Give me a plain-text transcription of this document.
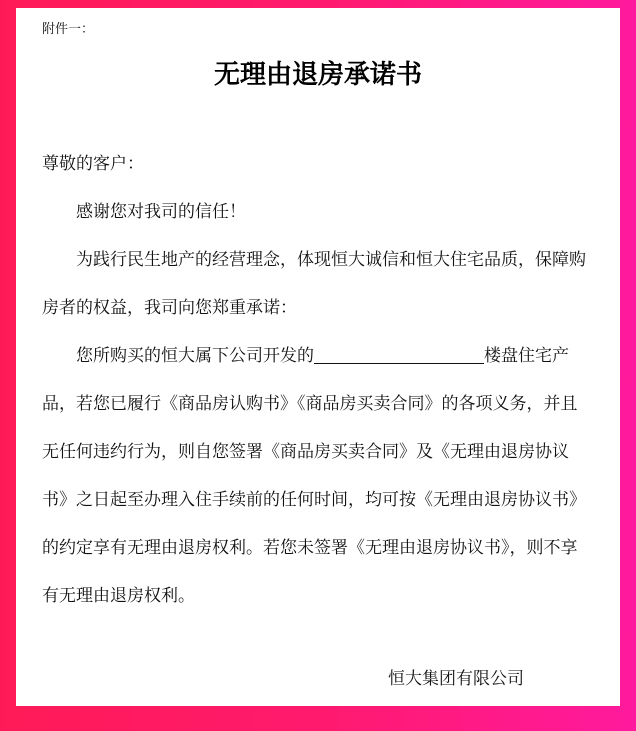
附件一：
无理由退房承诺书

尊敬的客户：

感谢您对我司的信任！

为践行民生地产的经营理念，体现恒大诚信和恒大住宅品质，保障购房者的权益，我司向您郑重承诺：

您所购买的恒大属下公司开发的	楼盘住宅产品，若您已履行《商品房认购书》《商品房买卖合同》的各项义务，并且无任何违约行为，则自您签署《商品房买卖合同》及《无理由退房协议书》之日起至办理入住手续前的任何时间，均可按《无理由退房协议书》的约定享有无理由退房权利。若您未签署《无理由退房协议书》，则不享有无理由退房权利。

恒大集团有限公司
